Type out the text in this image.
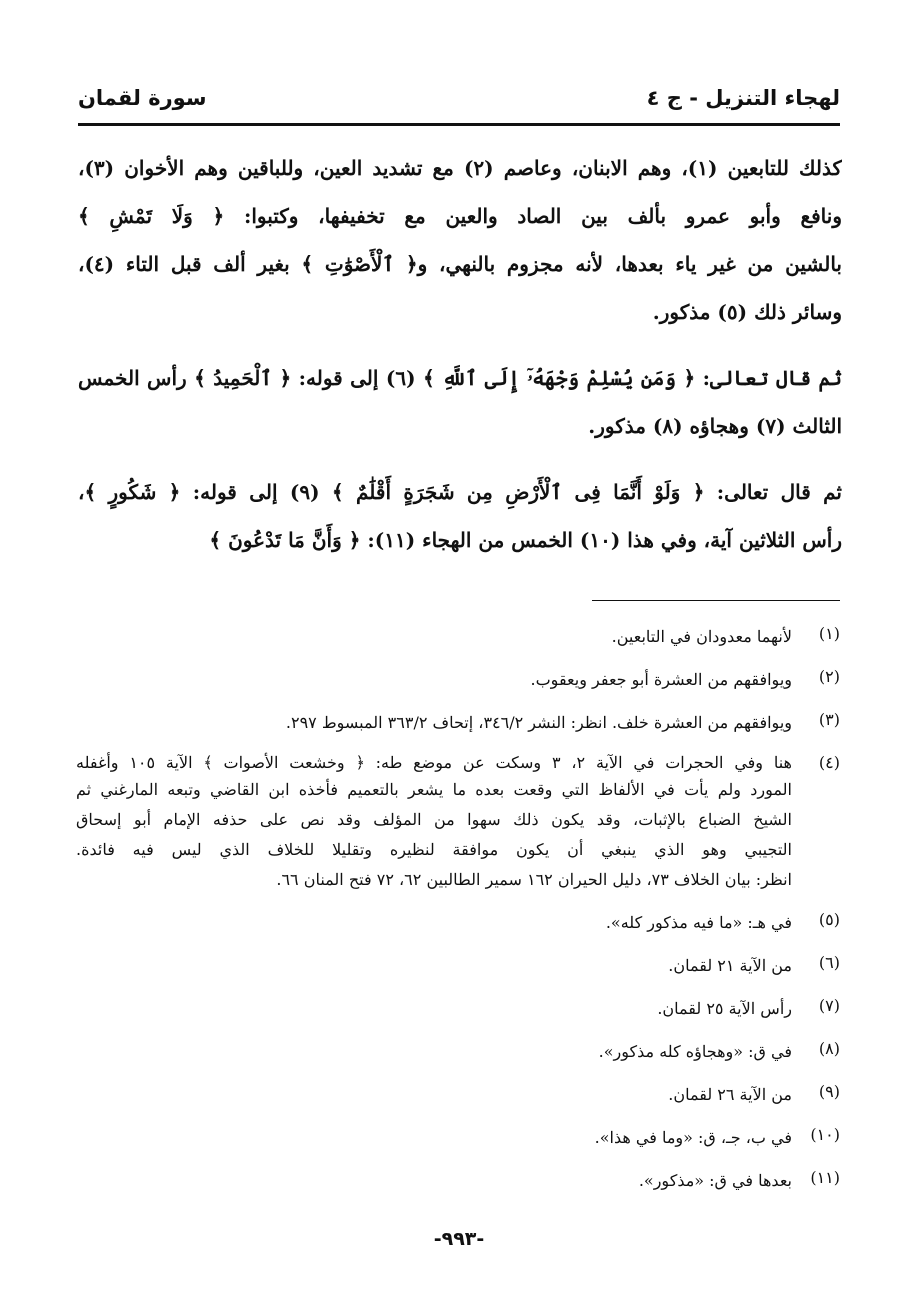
لهجاء التنزيل - ج ٤
سورة لقمان
كذلك للتابعين (١)، وهم الابنان، وعاصم (٢) مع تشديد العين، وللباقين وهم الأخوان (٣)،
ونافع وأبو عمرو بألف بين الصاد والعين مع تخفيفها، وكتبوا: ﴿ وَلَا تَمْشِ ﴾
بالشين من غير ياء بعدها، لأنه مجزوم بالنهي، و﴿ ٱلْأَصْوَٰتِ ﴾ بغير ألف قبل التاء (٤)،
وسائر ذلك (٥) مذكور.
ثم قال تعالى: ﴿ وَمَن يُسْلِمْ وَجْهَهُۥٓ إِلَى ٱللَّهِ ﴾ (٦) إلى قوله: ﴿ ٱلْحَمِيدُ ﴾ رأس الخمس
الثالث (٧) وهجاؤه (٨) مذكور.
ثم قال تعالى: ﴿ وَلَوْ أَنَّمَا فِى ٱلْأَرْضِ مِن شَجَرَةٍ أَقْلَٰمٌ ﴾ (٩) إلى قوله: ﴿ شَكُورٍ ﴾،
رأس الثلاثين آية، وفي هذا (١٠) الخمس من الهجاء (١١): ﴿ وَأَنَّ مَا تَدْعُونَ ﴾
(١)
لأنهما معدودان في التابعين.
(٢)
ويوافقهم من العشرة أبو جعفر ويعقوب.
(٣)
ويوافقهم من العشرة خلف. انظر: النشر ٣٤٦/٢، إتحاف ٣٦٣/٢ المبسوط ٢٩٧.
(٤)
هنا وفي الحجرات في الآية ٢، ٣ وسكت عن موضع طه: ﴿ وخشعت الأصوات ﴾ الآية ١٠٥ وأغفله
المورد ولم يأت في الألفاظ التي وقعت بعده ما يشعر بالتعميم فأخذه ابن القاضي وتبعه المارغني ثم
الشيخ الضباع بالإثبات، وقد يكون ذلك سهوا من المؤلف وقد نص على حذفه الإمام أبو إسحاق
التجيبي وهو الذي ينبغي أن يكون موافقة لنظيره وتقليلا للخلاف الذي ليس فيه فائدة.
انظر: بيان الخلاف ٧٣، دليل الحيران ١٦٢ سمير الطالبين ٦٢، ٧٢ فتح المنان ٦٦.
(٥)
في هـ: «ما فيه مذكور كله».
(٦)
من الآية ٢١ لقمان.
(٧)
رأس الآية ٢٥ لقمان.
(٨)
في ق: «وهجاؤه كله مذكور».
(٩)
من الآية ٢٦ لقمان.
(١٠)
في ب، جـ، ق: «وما في هذا».
(١١)
بعدها في ق: «مذكور».
-٩٩٣-
